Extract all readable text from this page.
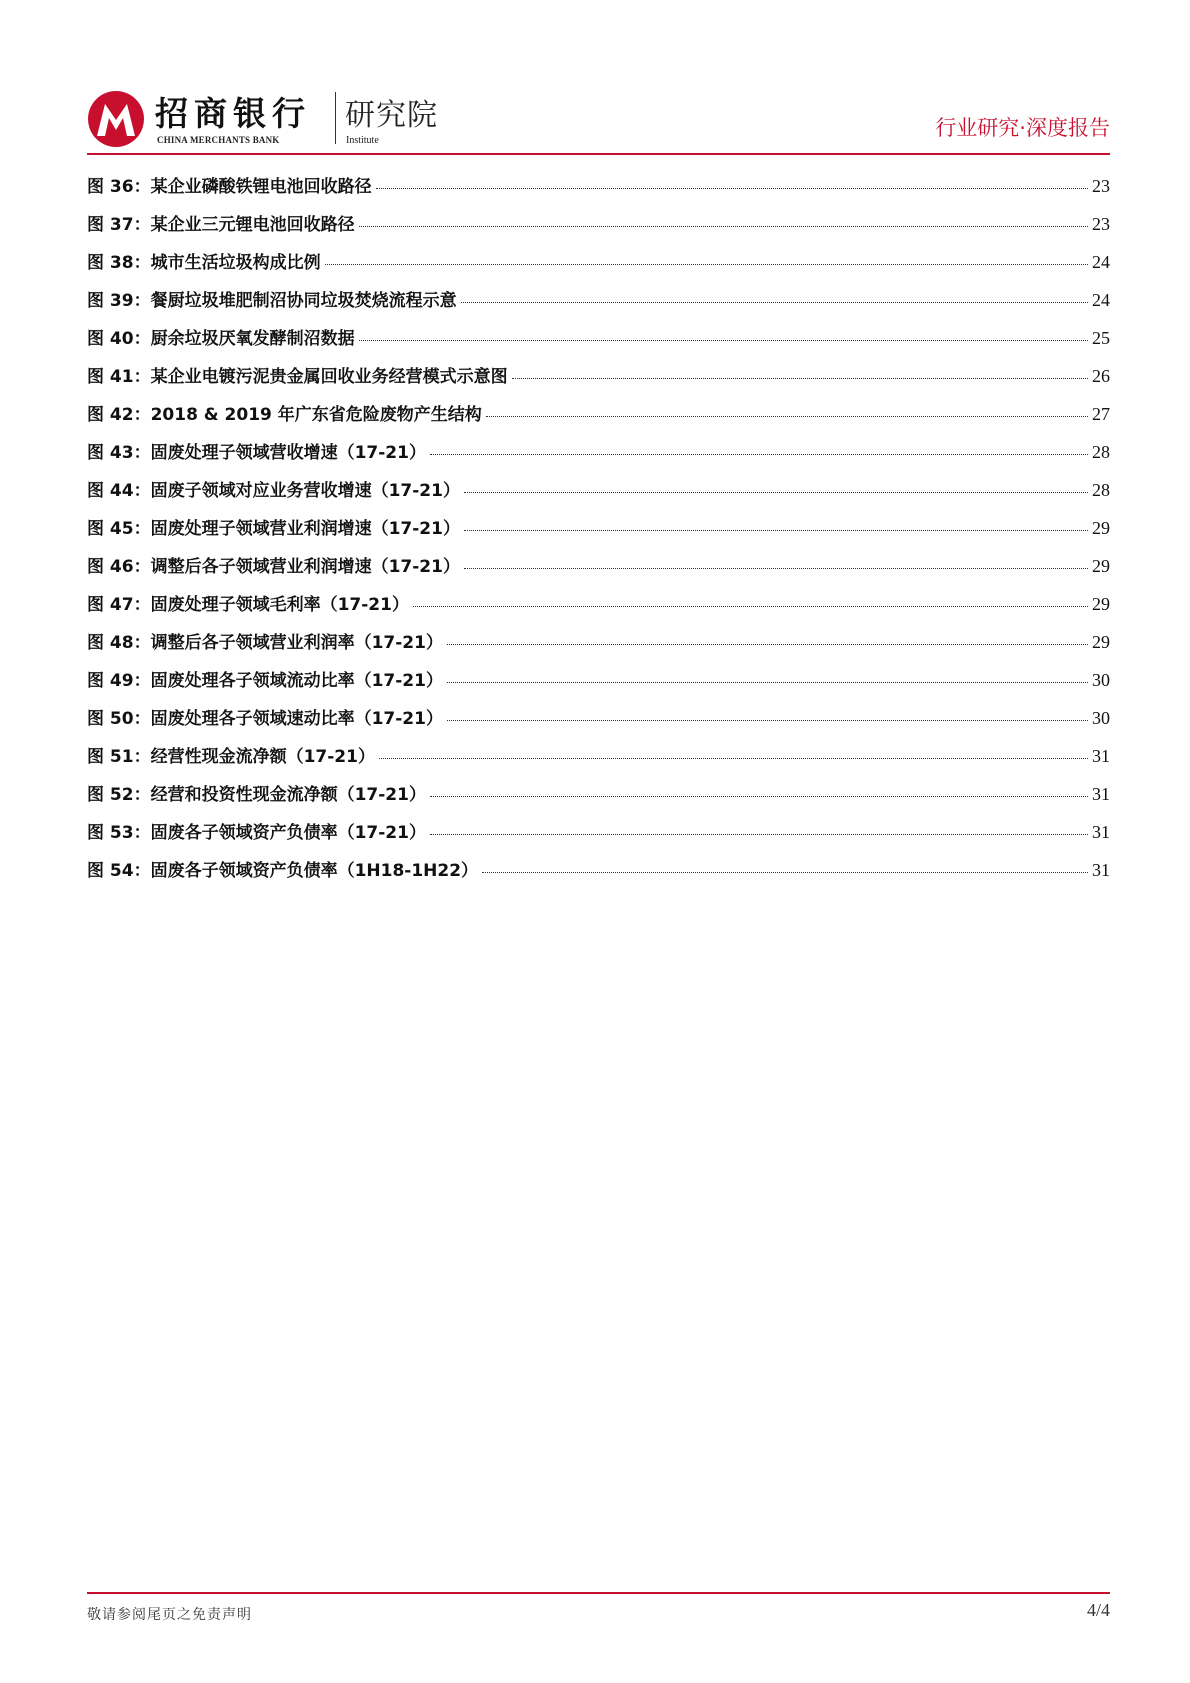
招商银行
CHINA MERCHANTS BANK
研究院
Institute
行业研究·深度报告
图 36： 某企业磷酸铁锂电池回收路径	23
图 37： 某企业三元锂电池回收路径	23
图 38： 城市生活垃圾构成比例	24
图 39： 餐厨垃圾堆肥制沼协同垃圾焚烧流程示意	24
图 40： 厨余垃圾厌氧发酵制沼数据	25
图 41： 某企业电镀污泥贵金属回收业务经营模式示意图	26
图 42： 2018 & 2019 年广东省危险废物产生结构	27
图 43： 固废处理子领域营收增速（17-21）	28
图 44： 固废子领域对应业务营收增速（17-21）	28
图 45： 固废处理子领域营业利润增速（17-21）	29
图 46： 调整后各子领域营业利润增速（17-21）	29
图 47： 固废处理子领域毛利率（17-21）	29
图 48： 调整后各子领域营业利润率（17-21）	29
图 49： 固废处理各子领域流动比率（17-21）	30
图 50： 固废处理各子领域速动比率（17-21）	30
图 51： 经营性现金流净额（17-21）	31
图 52： 经营和投资性现金流净额（17-21）	31
图 53： 固废各子领域资产负债率（17-21）	31
图 54： 固废各子领域资产负债率（1H18-1H22）	31
敬请参阅尾页之免责声明	4/4
